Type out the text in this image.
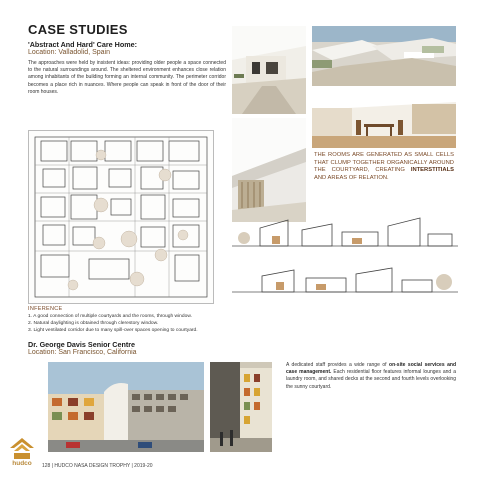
CASE STUDIES
'Abstract And Hard' Care Home:
Location: Valladolid, Spain
The approaches were held by insistent ideas: providing older people a space connected to the natural surroundings around. The sheltered environment enhances close relation among inhabitants of the building forming an internal community. The perimeter corridor becomes a place rich in nuances. Where people can speak in front of the door of their room houses.
THE ROOMS ARE GENERATED AS SMALL CELLS THAT CLUMP TOGETHER ORGANICALLY AROUND THE COURTYARD, CREATING INTERSTITIALS AND AREAS OF RELATION.
INFERENCE
1. A good connection of multiple courtyards and the rooms, through window.
2. Natural daylighting is obtained through clerestory window.
3. Light ventilated corridor due to many spill-over spaces opening to courtyard.
Dr. George Davis Senior Centre
Location: San Francisco, California
A dedicated staff provides a wide range of on-site social services and case management. Each residential floor features informal lounges and a laundry room, and shared decks at the second and fourth levels overlooking the sunny courtyard.
hudco	128 | HUDCO NASA DESIGN TROPHY | 2019-20
